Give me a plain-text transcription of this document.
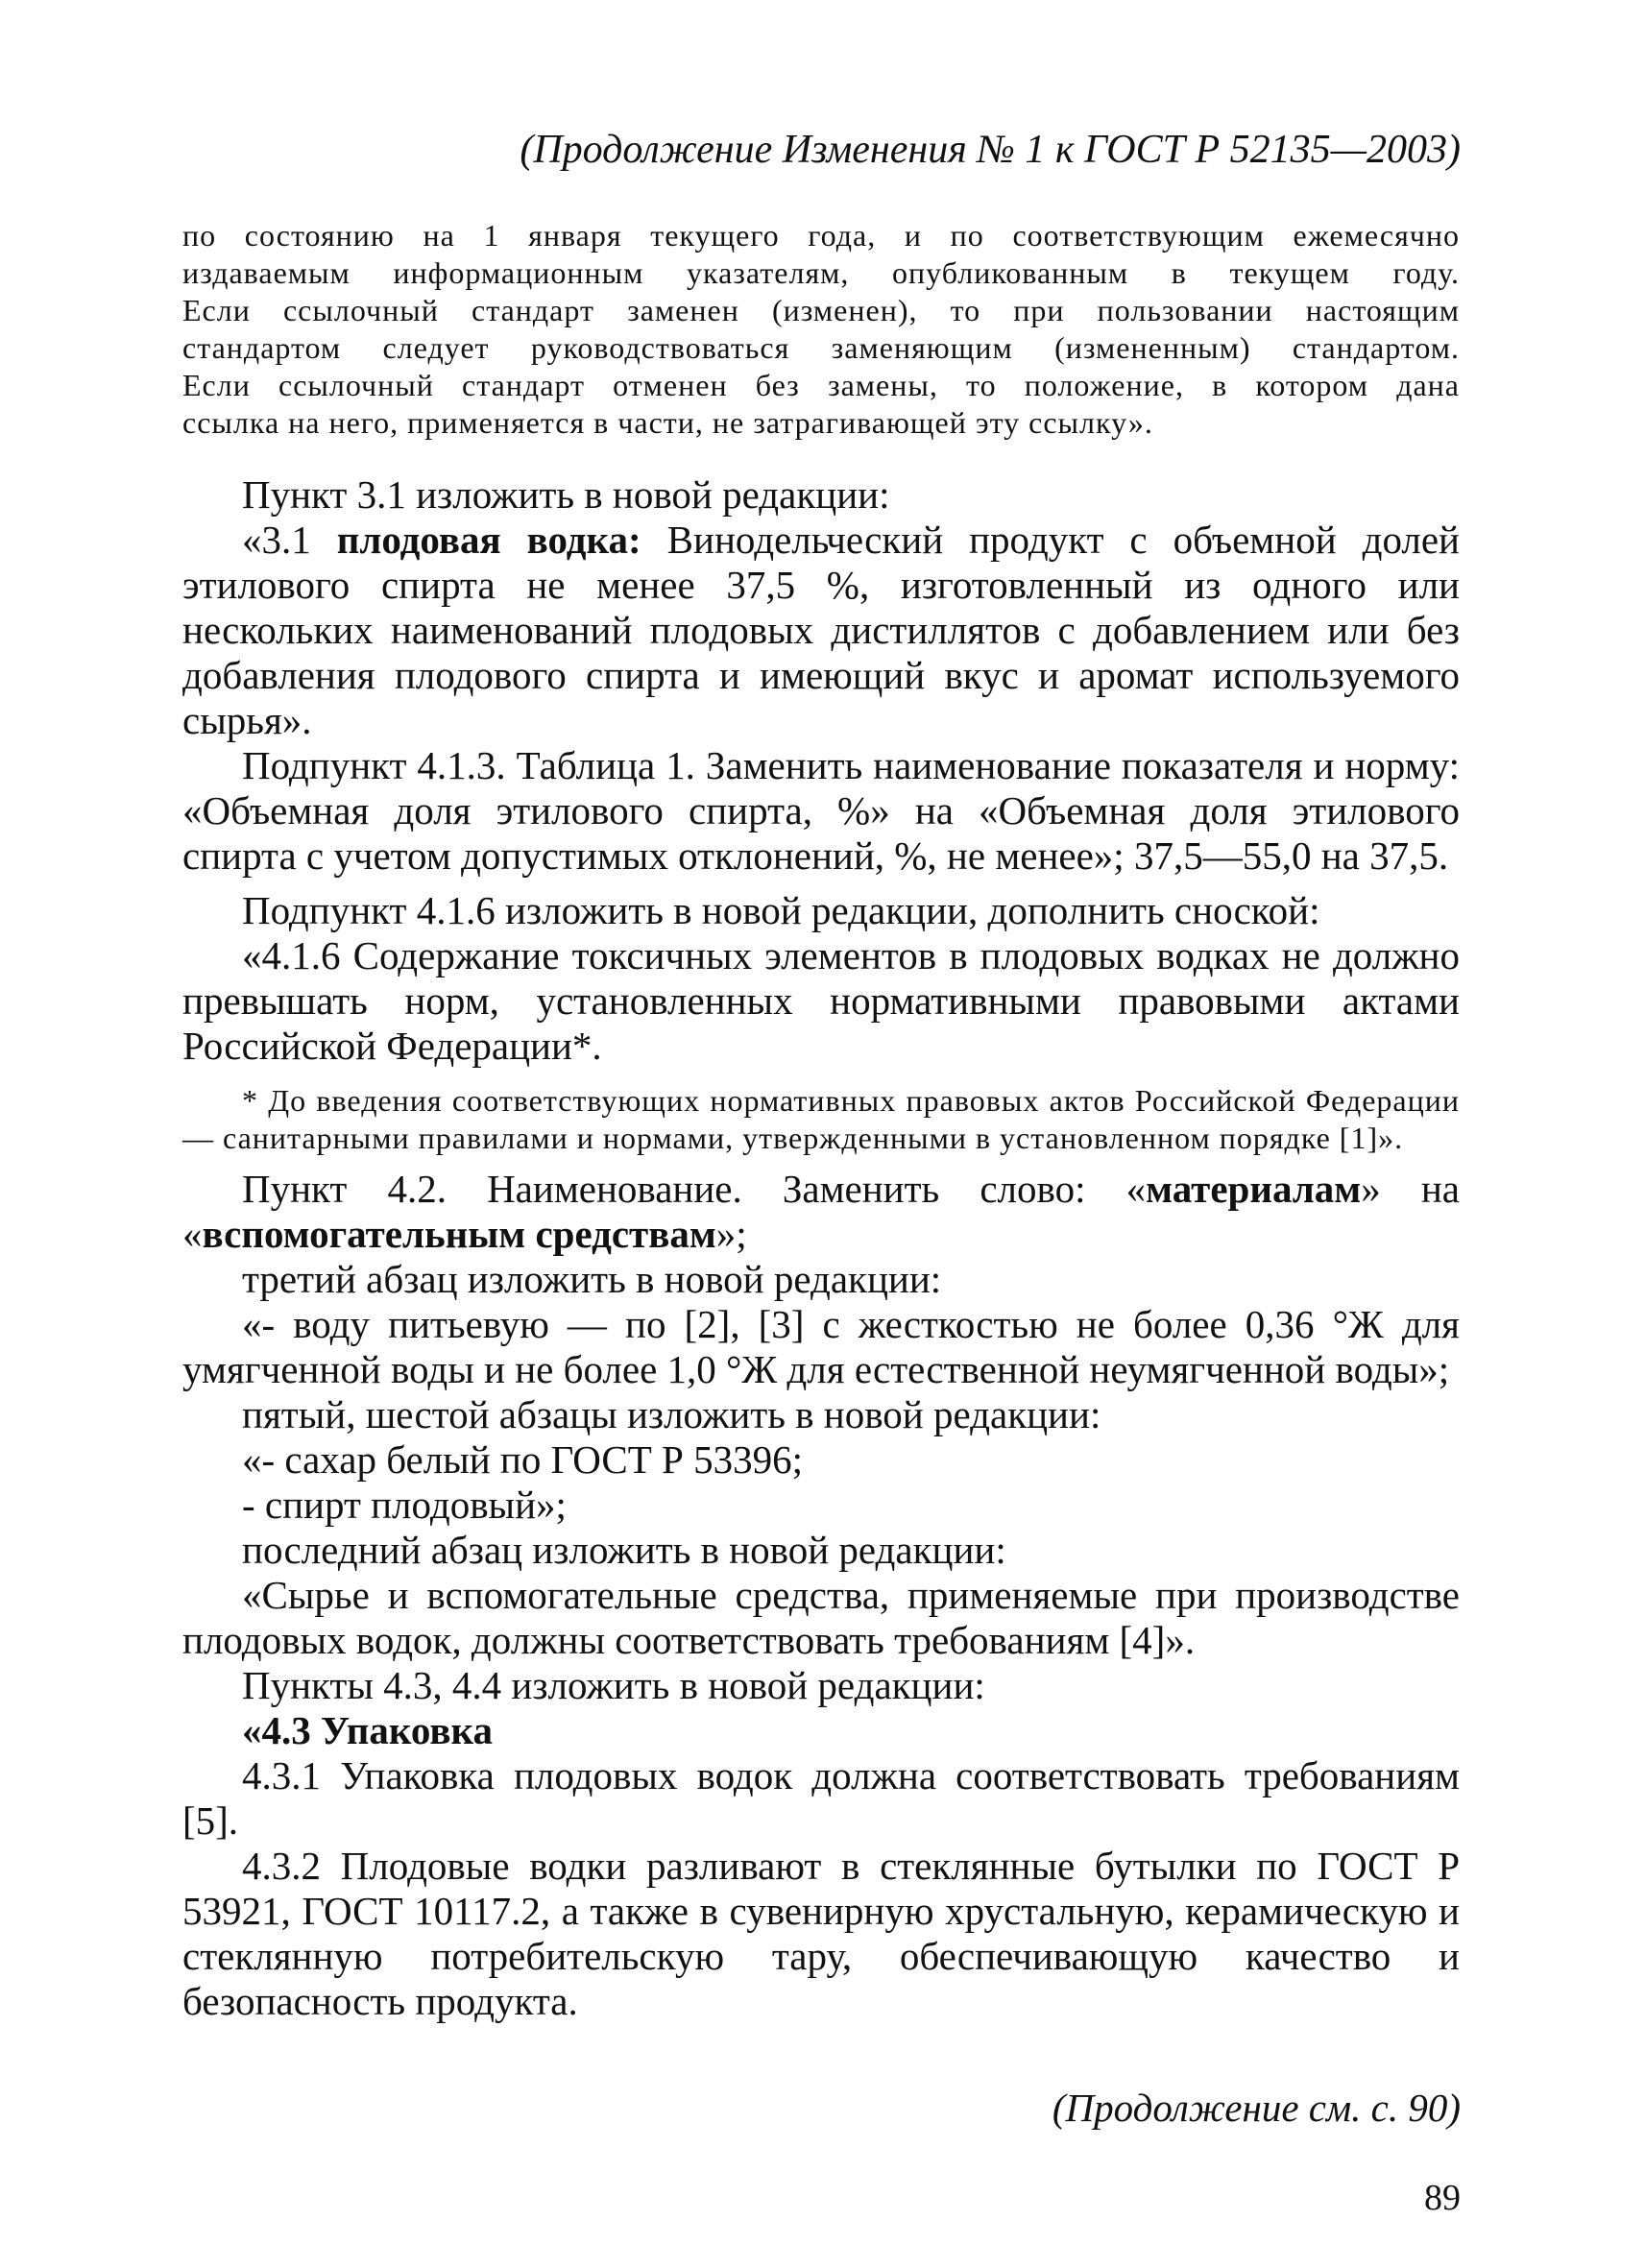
(Продолжение Изменения № 1 к ГОСТ Р 52135—2003)
по состоянию на 1 января текущего года, и по соответствующим ежемесячно
издаваемым информационным указателям, опубликованным в текущем году.
Если ссылочный стандарт заменен (изменен), то при пользовании настоящим
стандартом следует руководствоваться заменяющим (измененным) стандартом.
Если ссылочный стандарт отменен без замены, то положение, в котором дана
ссылка на него, применяется в части, не затрагивающей эту ссылку».

Пункт 3.1 изложить в новой редакции:

«3.1 плодовая водка: Винодельческий продукт с объемной долей этилового спирта не менее 37,5 %, изготовленный из одного или нескольких наименований плодовых дистиллятов с добавлением или без добавления плодового спирта и имеющий вкус и аромат используемого сырья».

Подпункт 4.1.3. Таблица 1. Заменить наименование показателя и норму: «Объемная доля этилового спирта, %» на «Объемная доля этилового спирта с учетом допустимых отклонений, %, не менее»; 37,5—55,0 на 37,5.

Подпункт 4.1.6 изложить в новой редакции, дополнить сноской:

«4.1.6 Содержание токсичных элементов в плодовых водках не должно превышать норм, установленных нормативными правовыми актами Российской Федерации*.

* До введения соответствующих нормативных правовых актов Российской Федерации — санитарными правилами и нормами, утвержденными в установленном порядке [1]».

Пункт 4.2. Наименование. Заменить слово: «материалам» на «вспомогательным средствам»;

третий абзац изложить в новой редакции:

«- воду питьевую — по [2], [3] с жесткостью не более 0,36 °Ж для умягченной воды и не более 1,0 °Ж для естественной неумягченной воды»;

пятый, шестой абзацы изложить в новой редакции:

«- сахар белый по ГОСТ Р 53396;

- спирт плодовый»;

последний абзац изложить в новой редакции:

«Сырье и вспомогательные средства, применяемые при производстве плодовых водок, должны соответствовать требованиям [4]».

Пункты 4.3, 4.4 изложить в новой редакции:

«4.3 Упаковка

4.3.1 Упаковка плодовых водок должна соответствовать требованиям [5].

4.3.2 Плодовые водки разливают в стеклянные бутылки по ГОСТ Р 53921, ГОСТ 10117.2, а также в сувенирную хрустальную, керамическую и стеклянную потребительскую тару, обеспечивающую качество и безопасность продукта.

(Продолжение см. с. 90)
89
